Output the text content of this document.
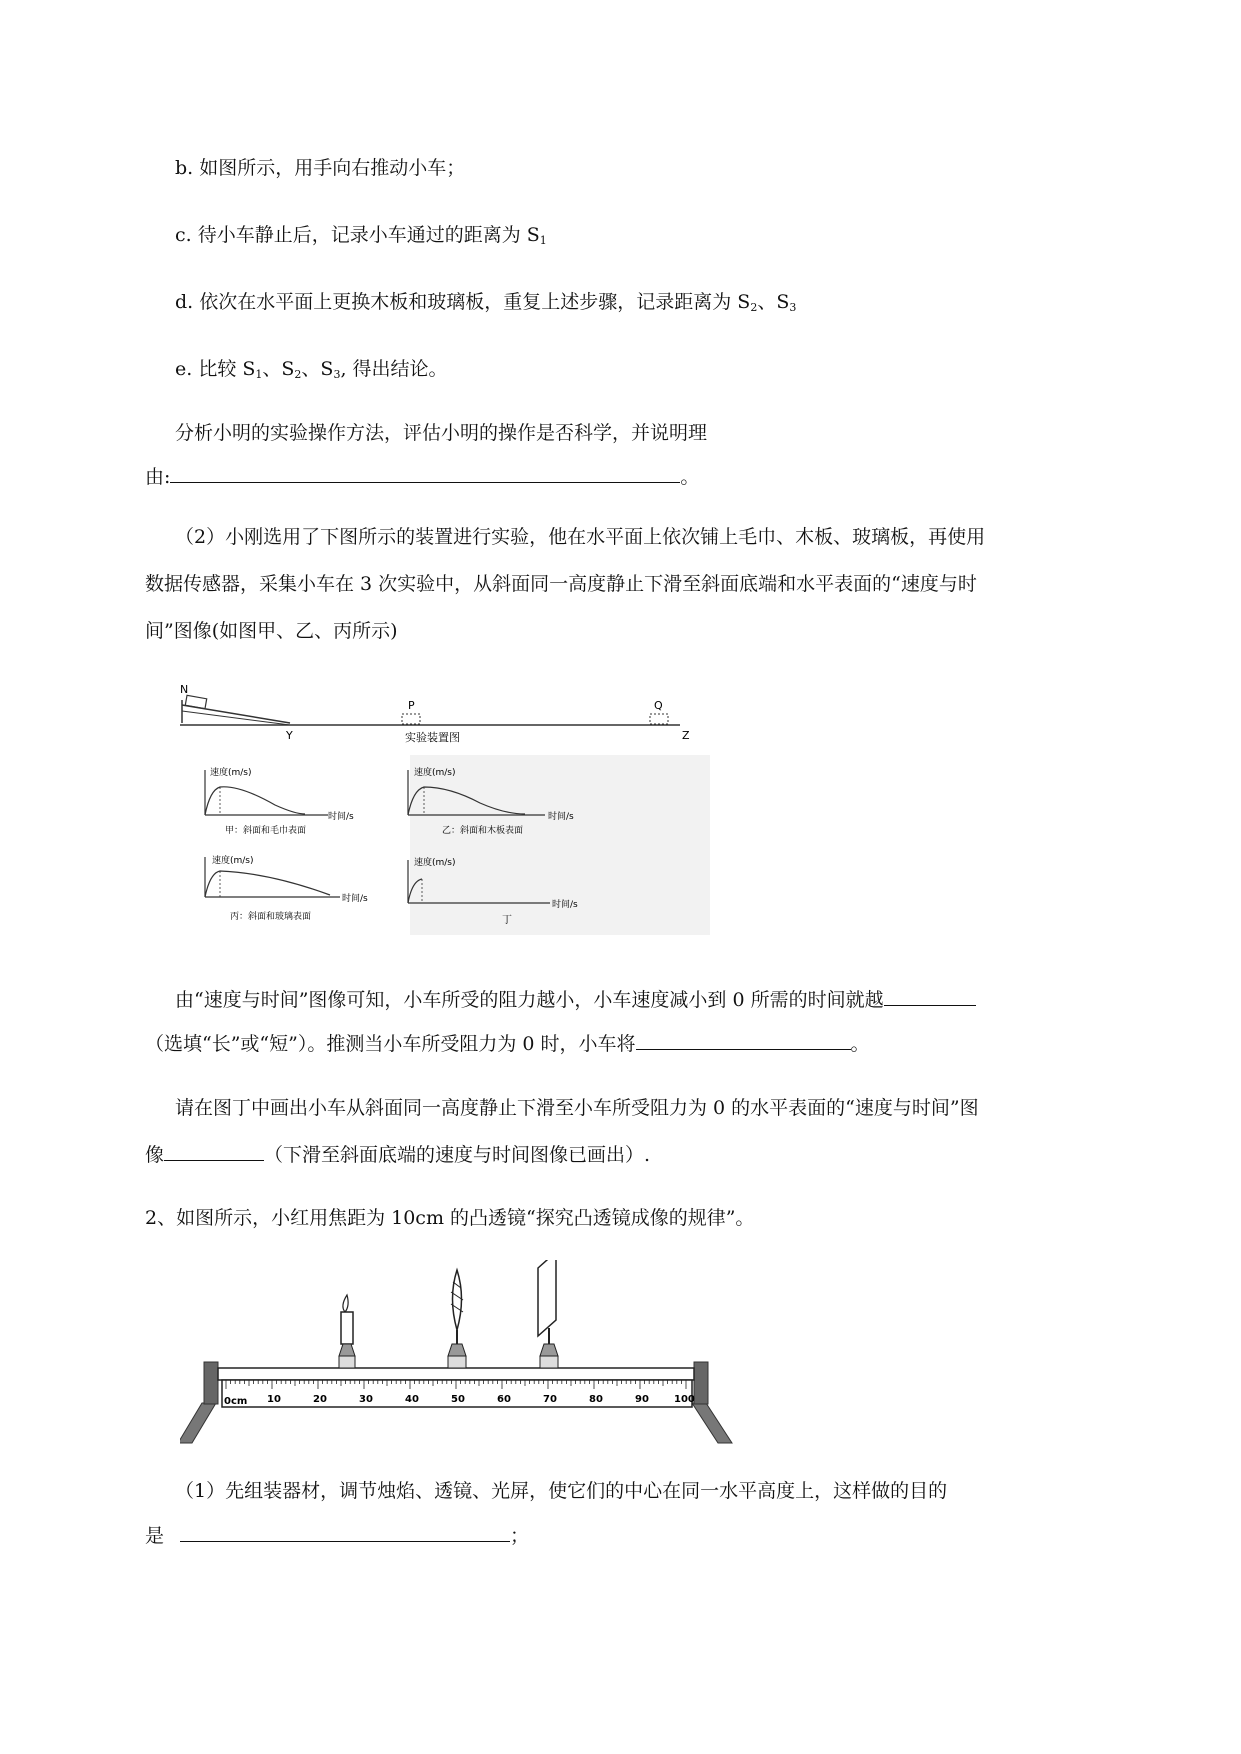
b. 如图所示，用手向右推动小车；
c. 待小车静止后，记录小车通过的距离为 $S_1$
d. 依次在水平面上更换木板和玻璃板，重复上述步骤，记录距离为 $S_2$、$S_3$
e. 比较 $S_1$、$S_2$、$S_3$, 得出结论。
分析小明的实验操作方法，评估小明的操作是否科学，并说明理
由:	。
（2）小刚选用了下图所示的装置进行实验，他在水平面上依次铺上毛巾、木板、玻璃板，再使用
数据传感器，采集小车在 3 次实验中，从斜面同一高度静止下滑至斜面底端和水平表面的“速度与时
间”图像(如图甲、乙、丙所示)
N
P	Q
Y	Z
实验装置图
速度(m/s)
时间/s
甲：斜面和毛巾表面
速度(m/s)
时间/s
乙：斜面和木板表面
速度(m/s)
时间/s
丙：斜面和玻璃表面
速度(m/s)
时间/s
丁
由“速度与时间”图像可知，小车所受的阻力越小，小车速度减小到 0 所需的时间就越
（选填“长”或“短”）。推测当小车所受阻力为 0 时，小车将	。
请在图丁中画出小车从斜面同一高度静止下滑至小车所受阻力为 0 的水平表面的“速度与时间”图
像	（下滑至斜面底端的速度与时间图像已画出）.
2、如图所示，小红用焦距为 10cm 的凸透镜“探究凸透镜成像的规律”。
0cm 10	20	30	40	50	60	70	80	90	100
（1）先组装器材，调节烛焰、透镜、光屏，使它们的中心在同一水平高度上，这样做的目的
是	；
